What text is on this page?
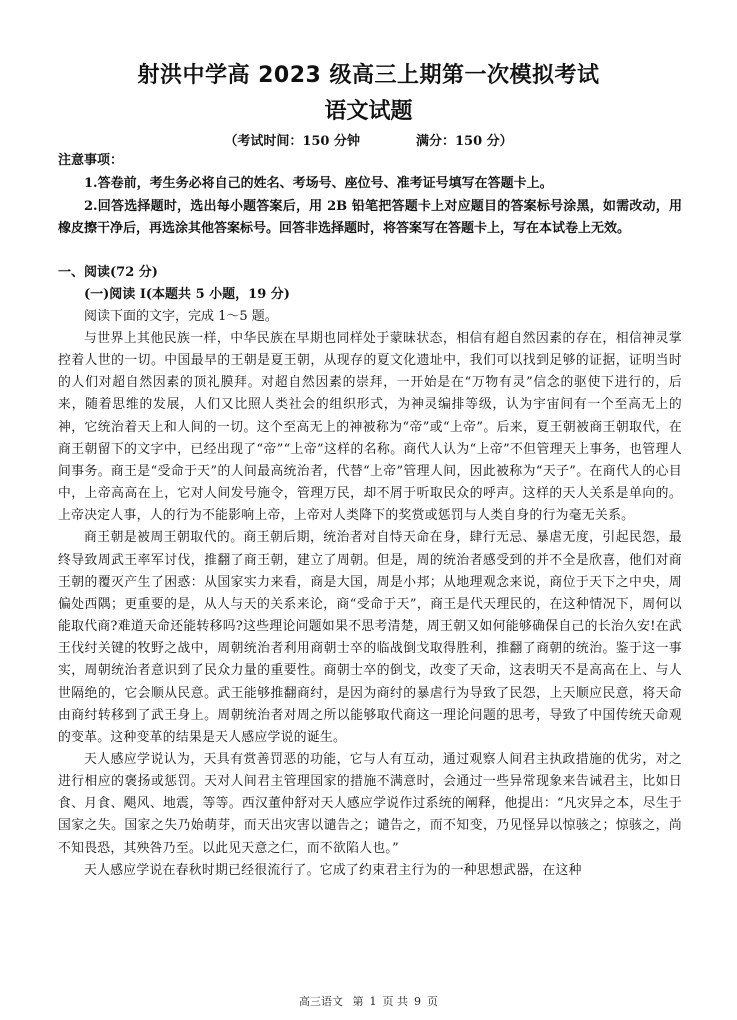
射洪中学高 2023 级高三上期第一次模拟考试
语文试题
（考试时间：150 分钟	满分：150 分）
注意事项：
1.答卷前，考生务必将自己的姓名、考场号、座位号、准考证号填写在答题卡上。
2.回答选择题时，选出每小题答案后，用 2B 铅笔把答题卡上对应题目的答案标号涂黑，如需改动，用橡皮擦干净后，再选涂其他答案标号。回答非选择题时，将答案写在答题卡上，写在本试卷上无效。
一、阅读(72 分)
(一)阅读 I(本题共 5 小题，19 分)
阅读下面的文字，完成 1～5 题。

与世界上其他民族一样，中华民族在早期也同样处于蒙昧状态，相信有超自然因素的存在，相信神灵掌控着人世的一切。中国最早的王朝是夏王朝，从现存的夏文化遗址中，我们可以找到足够的证据，证明当时的人们对超自然因素的顶礼膜拜。对超自然因素的崇拜，一开始是在“万物有灵”信念的驱使下进行的，后来，随着思维的发展，人们又比照人类社会的组织形式，为神灵编排等级，认为宇宙间有一个至高无上的神，它统治着天上和人间的一切。这个至高无上的神被称为“帝”或“上帝”。后来，夏王朝被商王朝取代，在商王朝留下的文字中，已经出现了“帝”“上帝”这样的名称。商代人认为“上帝”不但管理天上事务，也管理人间事务。商王是“受命于天”的人间最高统治者，代替“上帝”管理人间，因此被称为“天子”。在商代人的心目中，上帝高高在上，它对人间发号施令，管理万民，却不屑于听取民众的呼声。这样的天人关系是单向的。上帝决定人事，人的行为不能影响上帝，上帝对人类降下的奖赏或惩罚与人类自身的行为毫无关系。

商王朝是被周王朝取代的。商王朝后期，统治者对自恃天命在身，肆行无忌、暴虐无度，引起民怨，最终导致周武王率军讨伐，推翻了商王朝，建立了周朝。但是，周的统治者感受到的并不全是欣喜，他们对商王朝的覆灭产生了困惑：从国家实力来看，商是大国，周是小邦；从地理观念来说，商位于天下之中央，周偏处西隅；更重要的是，从人与天的关系来论，商“受命于天”，商王是代天理民的，在这种情况下，周何以能取代商?难道天命还能转移吗?这些理论问题如果不思考清楚，周王朝又如何能够确保自己的长治久安!在武王伐纣关键的牧野之战中，周朝统治者利用商朝士卒的临战倒戈取得胜利，推翻了商朝的统治。鉴于这一事实，周朝统治者意识到了民众力量的重要性。商朝士卒的倒戈，改变了天命，这表明天不是高高在上、与人世隔绝的，它会顺从民意。武王能够推翻商纣，是因为商纣的暴虐行为导致了民怨，上天顺应民意，将天命由商纣转移到了武王身上。周朝统治者对周之所以能够取代商这一理论问题的思考，导致了中国传统天命观的变革。这种变革的结果是天人感应学说的诞生。

天人感应学说认为，天具有赏善罚恶的功能，它与人有互动，通过观察人间君主执政措施的优劣，对之进行相应的褒扬或惩罚。天对人间君主管理国家的措施不满意时，会通过一些异常现象来告诫君主，比如日食、月食、飓风、地震，等等。西汉董仲舒对天人感应学说作过系统的阐释，他提出：“凡灾异之本，尽生于国家之失。国家之失乃始萌芽，而天出灾害以谴告之；谴告之，而不知变，乃见怪异以惊骇之；惊骇之，尚不知畏恐，其殃咎乃至。以此见天意之仁，而不欲陷人也。”

天人感应学说在春秋时期已经很流行了。它成了约束君主行为的一种思想武器，在这种

高三语文 第 1 页 共 9 页
